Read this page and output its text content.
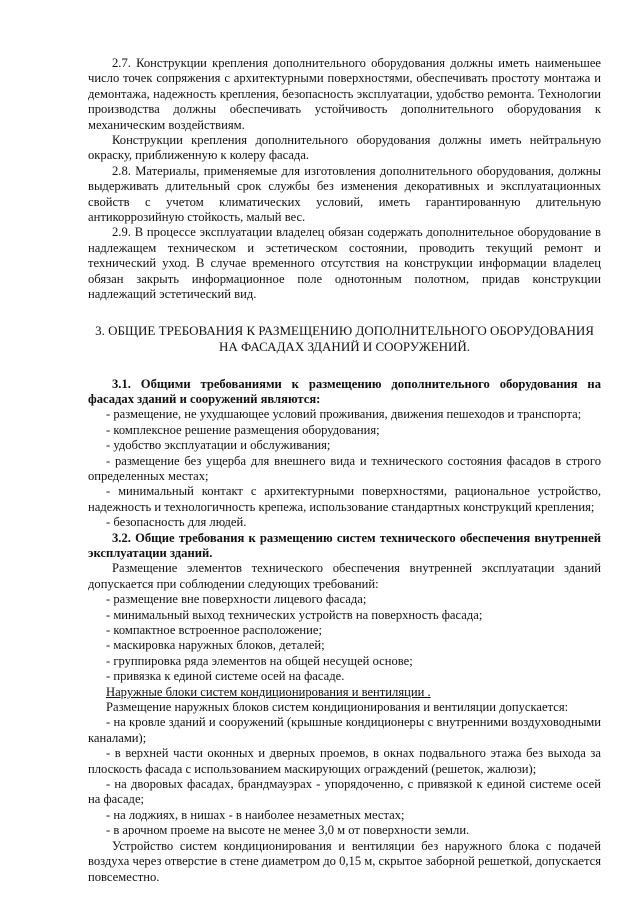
2.7. Конструкции крепления дополнительного оборудования должны иметь наименьшее число точек сопряжения с архитектурными поверхностями, обеспечивать простоту монтажа и демонтажа, надежность крепления, безопасность эксплуатации, удобство ремонта. Технологии производства должны обеспечивать устойчивость дополнительного оборудования к механическим воздействиям.

Конструкции крепления дополнительного оборудования должны иметь нейтральную окраску, приближенную к колеру фасада.

2.8. Материалы, применяемые для изготовления дополнительного оборудования, должны выдерживать длительный срок службы без изменения декоративных и эксплуатационных свойств с учетом климатических условий, иметь гарантированную длительную антикоррозийную стойкость, малый вес.

2.9. В процессе эксплуатации владелец обязан содержать дополнительное оборудование в надлежащем техническом и эстетическом состоянии, проводить текущий ремонт и технический уход. В случае временного отсутствия на конструкции информации владелец обязан закрыть информационное поле однотонным полотном, придав конструкции надлежащий эстетический вид.

3. ОБЩИЕ ТРЕБОВАНИЯ К РАЗМЕЩЕНИЮ ДОПОЛНИТЕЛЬНОГО ОБОРУДОВАНИЯ
НА ФАСАДАХ ЗДАНИЙ И СООРУЖЕНИЙ.

3.1. Общими требованиями к размещению дополнительного оборудования на фасадах зданий и сооружений являются:

- размещение, не ухудшающее условий проживания, движения пешеходов и транспорта;

- комплексное решение размещения оборудования;

- удобство эксплуатации и обслуживания;

- размещение без ущерба для внешнего вида и технического состояния фасадов в строго определенных местах;

- минимальный контакт с архитектурными поверхностями, рациональное устройство, надежность и технологичность крепежа, использование стандартных конструкций крепления;

- безопасность для людей.

3.2. Общие требования к размещению систем технического обеспечения внутренней эксплуатации зданий.

Размещение элементов технического обеспечения внутренней эксплуатации зданий допускается при соблюдении следующих требований:

- размещение вне поверхности лицевого фасада;

- минимальный выход технических устройств на поверхность фасада;

- компактное встроенное расположение;

- маскировка наружных блоков, деталей;

- группировка ряда элементов на общей несущей основе;

- привязка к единой системе осей на фасаде.

Наружные блоки систем кондиционирования и вентиляции .

Размещение наружных блоков систем кондиционирования и вентиляции допускается:

- на кровле зданий и сооружений (крышные кондиционеры с внутренними воздуховодными каналами);

- в верхней части оконных и дверных проемов, в окнах подвального этажа без выхода за плоскость фасада с использованием маскирующих ограждений (решеток, жалюзи);

- на дворовых фасадах, брандмауэрах - упорядоченно, с привязкой к единой системе осей на фасаде;

- на лоджиях, в нишах - в наиболее незаметных местах;

- в арочном проеме на высоте не менее 3,0 м от поверхности земли.

Устройство систем кондиционирования и вентиляции без наружного блока с подачей воздуха через отверстие в стене диаметром до 0,15 м, скрытое заборной решеткой, допускается повсеместно.
